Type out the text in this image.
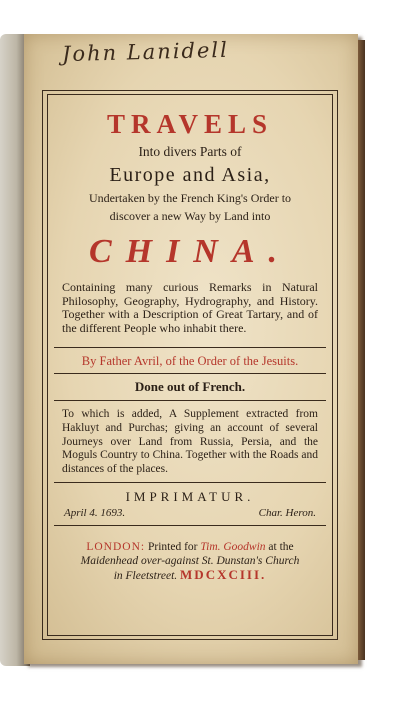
John Lanidell
TRAVELS
Into divers Parts of
Europe and Asia,
Undertaken by the French King's Order to
discover a new Way by Land into
CHINA.
Containing many curious Remarks in Natural Philosophy, Geography, Hydrography, and History. Together with a Description of Great Tartary, and of the different People who inhabit there.
By Father Avril, of the Order of the Jesuits.
Done out of French.
To which is added, A Supplement extracted from Hakluyt and Purchas; giving an account of several Journeys over Land from Russia, Persia, and the Moguls Country to China. Together with the Roads and distances of the places.
IMPRIMATUR.
April 4. 1693.	Char. Heron.
LONDON: Printed for Tim. Goodwin at the
Maidenhead over-against St. Dunstan's Church
in Fleetstreet. MDCXCIII.
